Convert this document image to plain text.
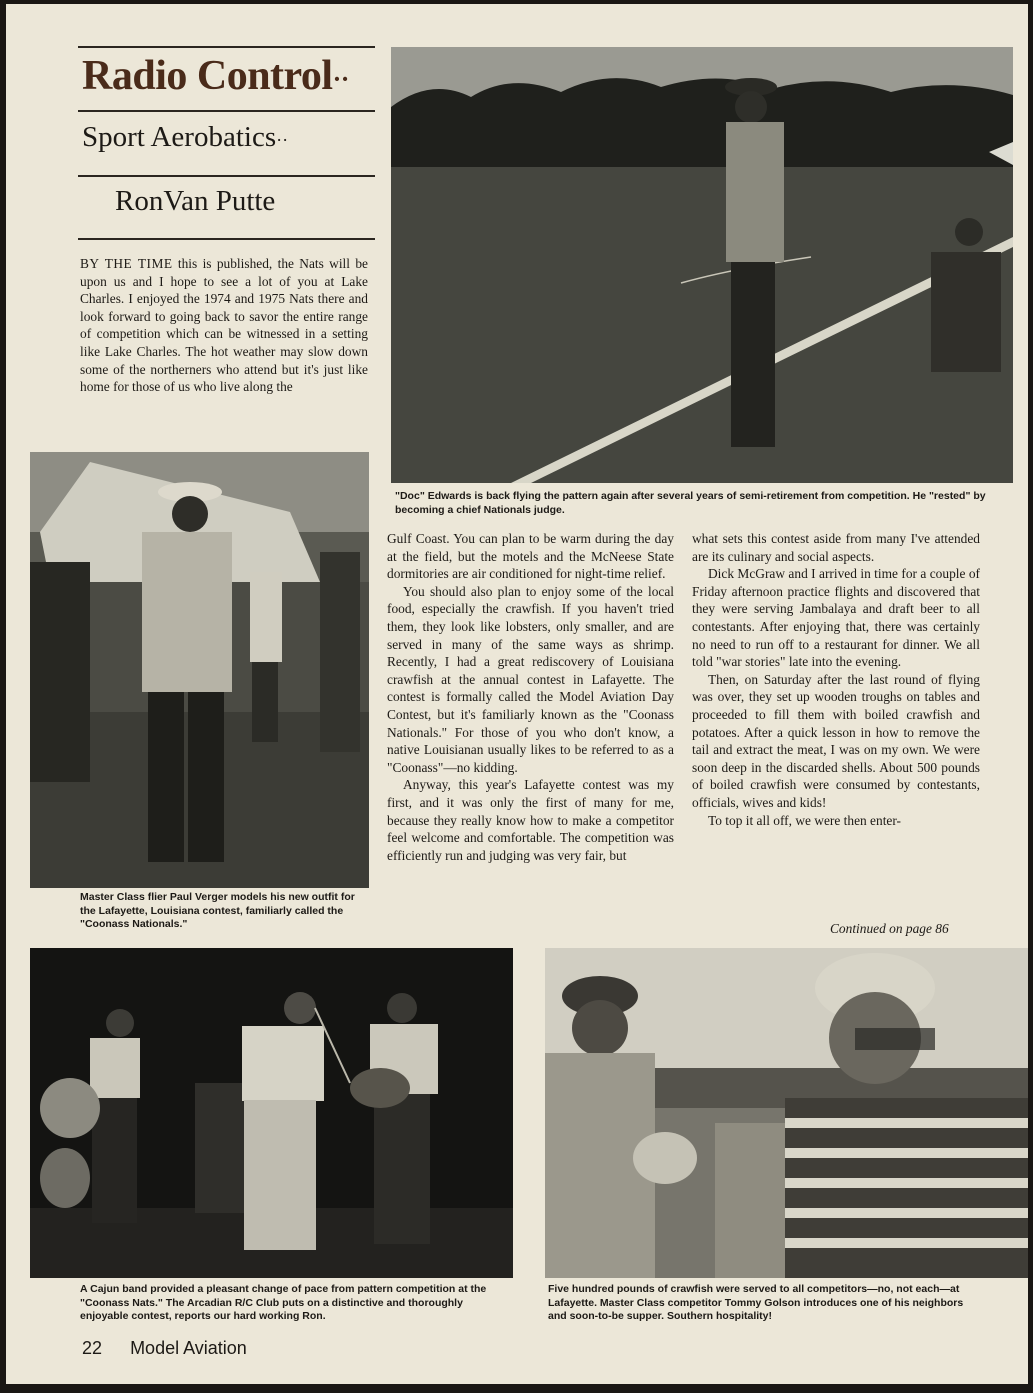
Radio Control··
Sport Aerobatics··
RonVan Putte

BY THE TIME this is published, the Nats will be upon us and I hope to see a lot of you at Lake Charles. I enjoyed the 1974 and 1975 Nats there and look forward to going back to savor the entire range of competition which can be witnessed in a setting like Lake Charles. The hot weather may slow down some of the northerners who attend but it's just like home for those of us who live along the

"Doc" Edwards is back flying the pattern again after several years of semi-retirement from competition. He "rested" by becoming a chief Nationals judge.
Master Class flier Paul Verger models his new outfit for the Lafayette, Louisiana contest, familiarly called the "Coonass Nationals."

Gulf Coast. You can plan to be warm during the day at the field, but the motels and the McNeese State dormitories are air conditioned for night-time relief.

You should also plan to enjoy some of the local food, especially the crawfish. If you haven't tried them, they look like lobsters, only smaller, and are served in many of the same ways as shrimp. Recently, I had a great rediscovery of Louisiana crawfish at the annual contest in Lafayette. The contest is formally called the Model Aviation Day Contest, but it's familiarly known as the "Coonass Nationals." For those of you who don't know, a native Louisianan usually likes to be referred to as a "Coonass"—no kidding.

Anyway, this year's Lafayette contest was my first, and it was only the first of many for me, because they really know how to make a competitor feel welcome and comfortable. The competition was efficiently run and judging was very fair, but

what sets this contest aside from many I've attended are its culinary and social aspects.

Dick McGraw and I arrived in time for a couple of Friday afternoon practice flights and discovered that they were serving Jambalaya and draft beer to all contestants. After enjoying that, there was certainly no need to run off to a restaurant for dinner. We all told "war stories" late into the evening.

Then, on Saturday after the last round of flying was over, they set up wooden troughs on tables and proceeded to fill them with boiled crawfish and potatoes. After a quick lesson in how to remove the tail and extract the meat, I was on my own. We were soon deep in the discarded shells. About 500 pounds of boiled crawfish were consumed by contestants, officials, wives and kids!

To top it all off, we were then enter-

Continued on page 86
A Cajun band provided a pleasant change of pace from pattern competition at the "Coonass Nats." The Arcadian R/C Club puts on a distinctive and thoroughly enjoyable contest, reports our hard working Ron.
Five hundred pounds of crawfish were served to all competitors—no, not each—at Lafayette. Master Class competitor Tommy Golson introduces one of his neighbors and soon-to-be supper. Southern hospitality!
22 Model Aviation
